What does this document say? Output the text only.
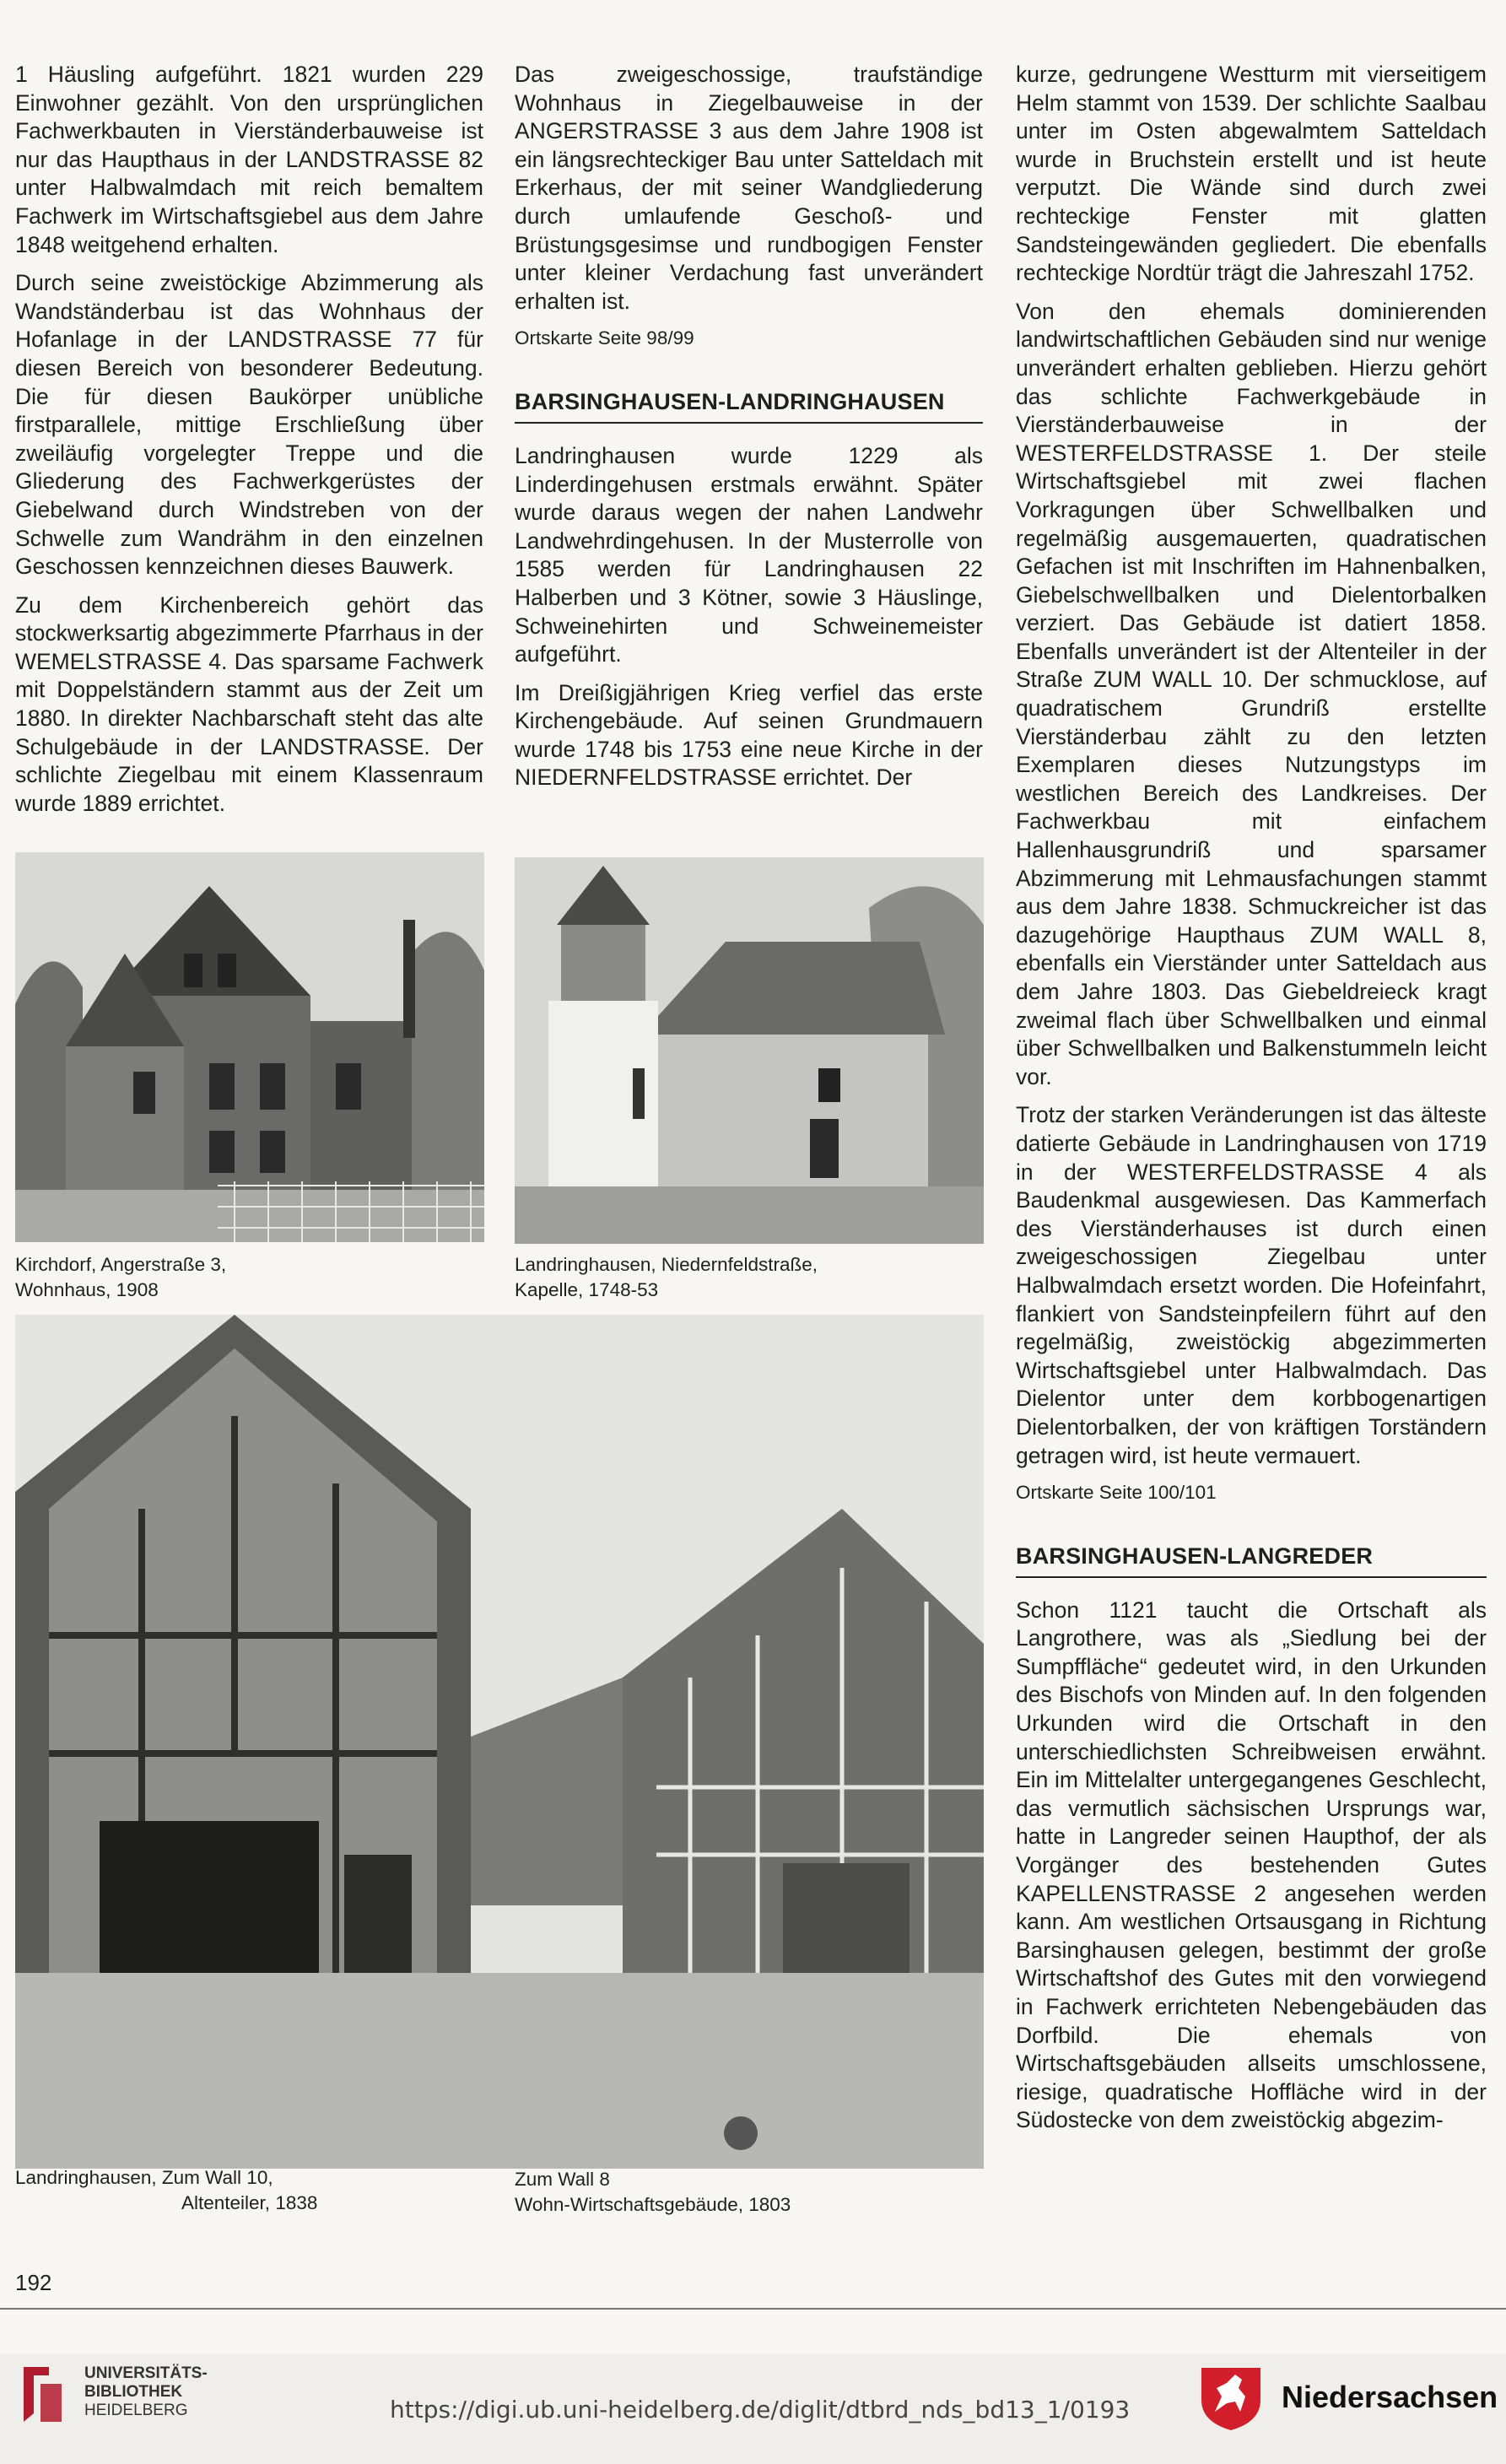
1 Häusling aufgeführt. 1821 wurden 229 Einwohner gezählt. Von den ursprünglichen Fachwerkbauten in Vierständerbauweise ist nur das Haupthaus in der LANDSTRASSE 82 unter Halbwalmdach mit reich bemaltem Fachwerk im Wirtschaftsgiebel aus dem Jahre 1848 weitgehend erhalten.

Durch seine zweistöckige Abzimmerung als Wandständerbau ist das Wohnhaus der Hofanlage in der LANDSTRASSE 77 für diesen Bereich von besonderer Bedeutung. Die für diesen Baukörper unübliche firstparallele, mittige Erschließung über zweiläufig vorgelegter Treppe und die Gliederung des Fachwerkgerüstes der Giebelwand durch Windstreben von der Schwelle zum Wandrähm in den einzelnen Geschossen kennzeichnen dieses Bauwerk.

Zu dem Kirchenbereich gehört das stockwerksartig abgezimmerte Pfarrhaus in der WEMELSTRASSE 4. Das sparsame Fachwerk mit Doppelständern stammt aus der Zeit um 1880. In direkter Nachbarschaft steht das alte Schulgebäude in der LANDSTRASSE. Der schlichte Ziegelbau mit einem Klassenraum wurde 1889 errichtet.

Das zweigeschossige, traufständige Wohnhaus in Ziegelbauweise in der ANGERSTRASSE 3 aus dem Jahre 1908 ist ein längsrechteckiger Bau unter Satteldach mit Erkerhaus, der mit seiner Wandgliederung durch umlaufende Geschoß- und Brüstungsgesimse und rundbogigen Fenster unter kleiner Verdachung fast unverändert erhalten ist.

Ortskarte Seite 98/99

BARSINGHAUSEN-LANDRINGHAUSEN

Landringhausen wurde 1229 als Linderdingehusen erstmals erwähnt. Später wurde daraus wegen der nahen Landwehr Landwehrdingehusen. In der Musterrolle von 1585 werden für Landringhausen 22 Halberben und 3 Kötner, sowie 3 Häuslinge, Schweinehirten und Schweinemeister aufgeführt.

Im Dreißigjährigen Krieg verfiel das erste Kirchengebäude. Auf seinen Grundmauern wurde 1748 bis 1753 eine neue Kirche in der NIEDERNFELDSTRASSE errichtet. Der

kurze, gedrungene Westturm mit vierseitigem Helm stammt von 1539. Der schlichte Saalbau unter im Osten abgewalmtem Satteldach wurde in Bruchstein erstellt und ist heute verputzt. Die Wände sind durch zwei rechteckige Fenster mit glatten Sandsteingewänden gegliedert. Die ebenfalls rechteckige Nordtür trägt die Jahreszahl 1752.

Von den ehemals dominierenden landwirtschaftlichen Gebäuden sind nur wenige unverändert erhalten geblieben. Hierzu gehört das schlichte Fachwerkgebäude in Vierständerbauweise in der WESTERFELDSTRASSE 1. Der steile Wirtschaftsgiebel mit zwei flachen Vorkragungen über Schwellbalken und regelmäßig ausgemauerten, quadratischen Gefachen ist mit Inschriften im Hahnenbalken, Giebelschwellbalken und Dielentorbalken verziert. Das Gebäude ist datiert 1858. Ebenfalls unverändert ist der Altenteiler in der Straße ZUM WALL 10. Der schmucklose, auf quadratischem Grundriß erstellte Vierständerbau zählt zu den letzten Exemplaren dieses Nutzungstyps im westlichen Bereich des Landkreises. Der Fachwerkbau mit einfachem Hallenhausgrundriß und sparsamer Abzimmerung mit Lehmausfachungen stammt aus dem Jahre 1838. Schmuckreicher ist das dazugehörige Haupthaus ZUM WALL 8, ebenfalls ein Vierständer unter Satteldach aus dem Jahre 1803. Das Giebeldreieck kragt zweimal flach über Schwellbalken und einmal über Schwellbalken und Balkenstummeln leicht vor.

Trotz der starken Veränderungen ist das älteste datierte Gebäude in Landringhausen von 1719 in der WESTERFELDSTRASSE 4 als Baudenkmal ausgewiesen. Das Kammerfach des Vierständerhauses ist durch einen zweigeschossigen Ziegelbau unter Halbwalmdach ersetzt worden. Die Hofeinfahrt, flankiert von Sandsteinpfeilern führt auf den regelmäßig, zweistöckig abgezimmerten Wirtschaftsgiebel unter Halbwalmdach. Das Dielentor unter dem korbbogenartigen Dielentorbalken, der von kräftigen Torständern getragen wird, ist heute vermauert.

Ortskarte Seite 100/101

BARSINGHAUSEN-LANGREDER

Schon 1121 taucht die Ortschaft als Langrothere, was als „Siedlung bei der Sumpffläche“ gedeutet wird, in den Urkunden des Bischofs von Minden auf. In den folgenden Urkunden wird die Ortschaft in den unterschiedlichsten Schreibweisen erwähnt. Ein im Mittelalter untergegangenes Geschlecht, das vermutlich sächsischen Ursprungs war, hatte in Langreder seinen Haupthof, der als Vorgänger des bestehenden Gutes KAPELLENSTRASSE 2 angesehen werden kann. Am westlichen Ortsausgang in Richtung Barsinghausen gelegen, bestimmt der große Wirtschaftshof des Gutes mit den vorwiegend in Fachwerk errichteten Nebengebäuden das Dorfbild. Die ehemals von Wirtschaftsgebäuden allseits umschlossene, riesige, quadratische Hoffläche wird in der Südostecke von dem zweistöckig abgezim-

Kirchdorf, Angerstraße 3,
Wohnhaus, 1908
Landringhausen, Niedernfeldstraße,
Kapelle, 1748-53
Landringhausen, Zum Wall 10,
Altenteiler, 1838
Zum Wall 8
Wohn-Wirtschaftsgebäude, 1803
192
UNIVERSITÄTS-
BIBLIOTHEK
HEIDELBERG	https://digi.ub.uni-heidelberg.de/diglit/dtbrd_nds_bd13_1/0193	Niedersachsen
